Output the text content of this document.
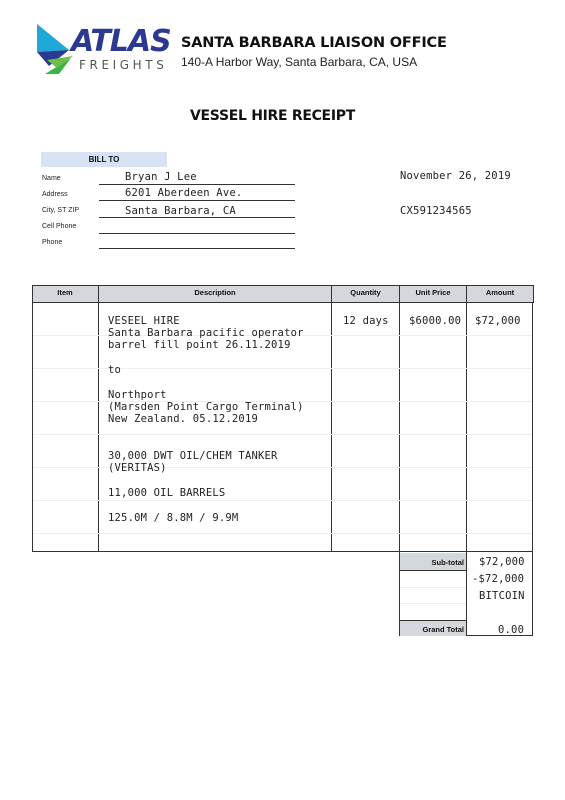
ATLAS
FREIGHTS
SANTA BARBARA LIAISON OFFICE
140-A Harbor Way, Santa Barbara, CA, USA
VESSEL HIRE RECEIPT
BILL TO
Name	Bryan J Lee
Address	6201 Aberdeen Ave.
City, ST ZIP	Santa Barbara, CA
Cell Phone
Phone
November 26, 2019
CX591234565
Item	Description	Quantity	Unit Price	Amount
VESEEL HIRE
Santa Barbara pacific operator
barrel fill point 26.11.2019
to
Northport
(Marsden Point Cargo Terminal)
New Zealand. 05.12.2019
30,000 DWT OIL/CHEM TANKER
(VERITAS)
11,000 OIL BARRELS
125.0M / 8.8M / 9.9M
12 days $6000.00 $72,000
Sub-total $72,000
-$72,000
BITCOIN
Grand Total	0.00
